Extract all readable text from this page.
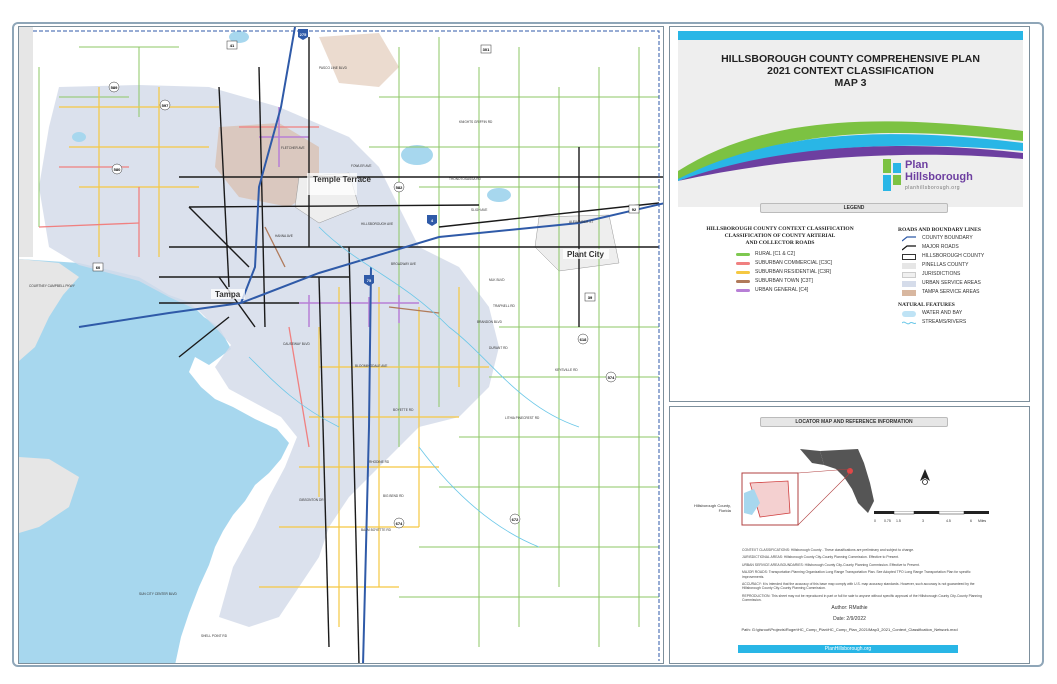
Temple Terrace
Tampa
Plant City
PASCO LINE BLVD
FLETCHER AVE
FOWLER AVE
KNIGHTS GRIFFIN RD
THONOTOSASSA RD
SLIGH AVE
HILLSBOROUGH AVE
BROADWAY AVE
MLK BLVD
TRAPNELL RD
BRANDON BLVD
DURANT RD
KEYSVILLE RD
BLOOMINGDALE AVE
BOYETTE RD
LITHIA PINECREST RD
RHODINE RD
BIG BEND RD
BALM BOYETTE RD
GIBSONTON DR
CAUSEWAY BLVD
ALEXANDER ST
COURTNEY CAMPBELL PKWY
HANNA AVE
SUN CITY CENTER BLVD
SHELL POINT RD
41
275
301
589
597
580
4
60
92
39
75
618
574
672
674
582
HILLSBOROUGH COUNTY COMPREHENSIVE PLAN
2021 CONTEXT CLASSIFICATION
MAP 3
Plan
Hillsborough
planhillsborough.org
LEGEND
HILLSBOROUGH COUNTY CONTEXT CLASSIFICATION
CLASSIFICATION OF COUNTY ARTERIAL
AND COLLECTOR ROADS
RURAL [C1 & C2]
SUBURBAN COMMERCIAL [C3C]
SUBURBAN RESIDENTIAL [C3R]
SUBURBAN TOWN [C3T]
URBAN GENERAL [C4]
ROADS AND BOUNDARY LINES
COUNTY BOUNDARY
MAJOR ROADS
HILLSBOROUGH COUNTY
PINELLAS COUNTY
JURISDICTIONS
URBAN SERVICE AREAS
TAMPA SERVICE AREAS
NATURAL FEATURES
WATER AND BAY
STREAMS/RIVERS
LOCATOR MAP AND REFERENCE INFORMATION
Hillsborough County,
Florida
0 0.75 1.5	3	4.5	6 Miles

CONTEXT CLASSIFICATIONS: Hillsborough County - These classifications are preliminary and subject to change.

JURISDICTIONAL AREAS: Hillsborough County City-County Planning Commission. Effective to Present.

URBAN SERVICE AREA BOUNDARIES: Hillsborough County City-County Planning Commission. Effective to Present.

MAJOR ROADS: Transportation Planning Organization Long Range Transportation Plan. See Adopted TPO Long Range Transportation Plan for specific improvements.

ACCURACY: It is intended that the accuracy of this base map comply with U.S. map accuracy standards. However, such accuracy is not guaranteed by the Hillsborough County City-County Planning Commission.

REPRODUCTION: This sheet may not be reproduced in part or full for sale to anyone without specific approval of the Hillsborough County City-County Planning Commission.

Author: RMathie
Date: 2/9/2022
Path: G:\gisroot\Projects\Roger\HC_Comp_Plan\HC_Comp_Plan_2021\Map3_2021_Context_Classification_Network.mxd
PlanHillsborough.org
